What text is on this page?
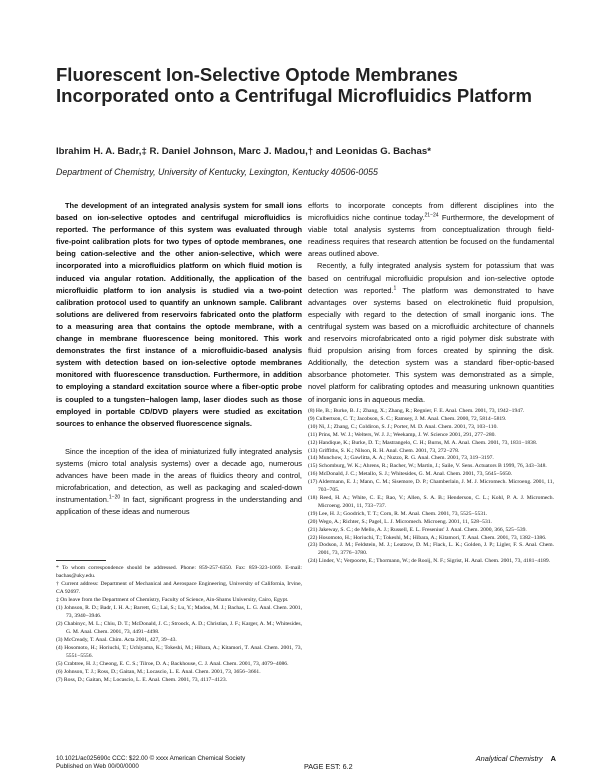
Fluorescent Ion-Selective Optode Membranes Incorporated onto a Centrifugal Microfluidics Platform
Ibrahim H. A. Badr,‡ R. Daniel Johnson, Marc J. Madou,† and Leonidas G. Bachas*
Department of Chemistry, University of Kentucky, Lexington, Kentucky 40506-0055

The development of an integrated analysis system for small ions based on ion-selective optodes and centrifugal microfluidics is reported. The performance of this system was evaluated through five-point calibration plots for two types of optode membranes, one being cation-selective and the other anion-selective, which were incorporated into a microfluidics platform on which fluid motion is induced via angular rotation. Additionally, the application of the microfluidic platform to ion analysis is studied via a two-point calibration protocol used to quantify an unknown sample. Calibrant solutions are delivered from reservoirs fabricated onto the platform to a measuring area that contains the optode membrane, with a change in membrane fluorescence being monitored. This work demonstrates the first instance of a microfluidic-based analysis system with detection based on ion-selective optode membranes monitored with fluorescence transduction. Furthermore, in addition to employing a standard excitation source where a fiber-optic probe is coupled to a tungsten−halogen lamp, laser diodes such as those employed in portable CD/DVD players were studied as excitation sources to enhance the observed fluorescence signals.

Since the inception of the idea of miniaturized fully integrated analysis systems (micro total analysis systems) over a decade ago, numerous advances have been made in the areas of fluidics theory and control, microfabrication, and detection, as well as packaging and scaled-down instrumentation.$^{1-20}$ In fact, significant progress in the understanding and application of these ideas and numerous

* To whom correspondence should be addressed. Phone: 859-257-6350. Fax: 859-323-1069. E-mail: bachas@uky.edu.

† Current address: Department of Mechanical and Aerospace Engineering, University of California, Irvine, CA 92697.

‡ On leave from the Department of Chemistry, Faculty of Science, Ain-Shams University, Cairo, Egypt.

(1) Johnson, R. D.; Badr, I. H. A.; Barrett, G.; Lai, S.; Lu, Y.; Madou, M. J.; Bachas, L. G. Anal. Chem. 2001, 73, 3940−3946.

(2) Chabinyc, M. L.; Chiu, D. T.; McDonald, J. C.; Stroock, A. D.; Christian, J. F.; Karger, A. M.; Whitesides, G. M. Anal. Chem. 2001, 73, 4491−4498.

(3) McCready, T. Anal. Chim. Acta 2001, 427, 39−43.

(4) Hosomoto, H.; Horiuchi, T.; Uchiyama, K.; Tokeshi, M.; Hibara, A.; Kitamori, T. Anal. Chem. 2001, 73, 5551−5556.

(5) Crabtree, H. J.; Cheong, E. C. S.; Tilroe, D. A.; Backhouse, C. J. Anal. Chem. 2001, 73, 4079−4086.

(6) Johnson, T. J.; Ross, D.; Gaitan, M.; Locascio, L. E. Anal. Chem. 2001, 73, 3656−3661.

(7) Ross, D.; Gaitan, M.; Locascio, L. E. Anal. Chem. 2001, 73, 4117−4123.

efforts to incorporate concepts from different disciplines into the microfluidics niche continue today.$^{21-24}$ Furthermore, the development of viable total analysis systems from conceptualization through field-readiness requires that research attention be focused on the fundamental areas outlined above.

Recently, a fully integrated analysis system for potassium that was based on centrifugal microfluidic propulsion and ion-selective optode detection was reported.$^1$ The platform was demonstrated to have advantages over systems based on electrokinetic fluid propulsion, especially with regard to the detection of small inorganic ions. The centrifugal system was based on a microfluidic architecture of channels and reservoirs microfabricated onto a rigid polymer disk substrate with fluid propulsion arising from forces created by spinning the disk. Additionally, the detection system was a standard fiber-optic-based absorbance photometer. This system was demonstrated as a simple, novel platform for calibrating optodes and measuring unknown quantities of inorganic ions in aqueous media.

(8) He, B.; Burke, B. J.; Zhang, X.; Zhang, R.; Regnier, F. E. Anal. Chem. 2001, 73, 1942−1947.

(9) Culbertson, C. T.; Jacobson, S. C.; Ramsey, J. M. Anal. Chem. 2000, 72, 5814−5819.

(10) Ni, J.; Zhang, C.; Coldiron, S. J.; Porter, M. D. Anal. Chem. 2001, 73, 103−110.

(11) Prins, M. W. J.; Welters, W. J. J.; Weekamp, J. W. Science 2001, 291, 277−280.

(12) Handique, K.; Burke, D. T.; Mastrangelo, C. H.; Burns, M. A. Anal. Chem. 2001, 73, 1831−1838.

(13) Griffiths, S. K.; Nilson, R. H. Anal. Chem. 2001, 73, 272−278.

(14) Munchow, J.; Gawlitta, A. A.; Nuzzo, R. G. Anal. Chem. 2001, 73, 319−3197.

(15) Schomburg, W. K.; Ahrens, R.; Bacher, W.; Martin, J.; Saile, V. Sens. Actuators B 1999, 76, 343−348.

(16) McDonald, J. C.; Metallo, S. J.; Whitesides, G. M. Anal. Chem. 2001, 73, 5645−5650.

(17) Aldermann, E. J.; Mann, C. M.; Sisemore, D. P.; Chamberlain, J. M. J. Micromech. Microeng. 2001, 11, 703−705.

(18) Reed, H. A.; White, C. E.; Rao, V.; Allen, S. A. B.; Henderson, C. L.; Kohl, P. A. J. Micromech. Microeng. 2001, 11, 733−737.

(19) Lee, H. J.; Goodrich, T. T.; Corn, R. M. Anal. Chem. 2001, 73, 5525−5531.

(20) Wego, A.; Richter, S.; Pagel, L. J. Micromech. Microeng. 2001, 11, 528−531.

(21) Jakeway, S. C.; de Mello, A. J.; Russell, E. L. Fresenius' J. Anal. Chem. 2000, 366, 525−539.

(22) Hosomoto, H.; Horiuchi, T.; Tokeshi, M.; Hibara, A.; Kitamori, T. Anal. Chem. 2001, 73, 1382−1386.

(23) Dodson, J. M.; Feldstein, M. J.; Leatzow, D. M.; Flack, L. K.; Golden, J. P.; Ligler, F. S. Anal. Chem. 2001, 73, 3776−3780.

(24) Linder, V.; Verpoorte, E.; Thormann, W.; de Rooij, N. F.; Sigrist, H. Anal. Chem. 2001, 73, 4181−4189.

10.1021/ac025690c CCC: $22.00 © xxxx American Chemical Society
Published on Web 00/00/0000
Analytical Chemistry A
PAGE EST: 6.2
